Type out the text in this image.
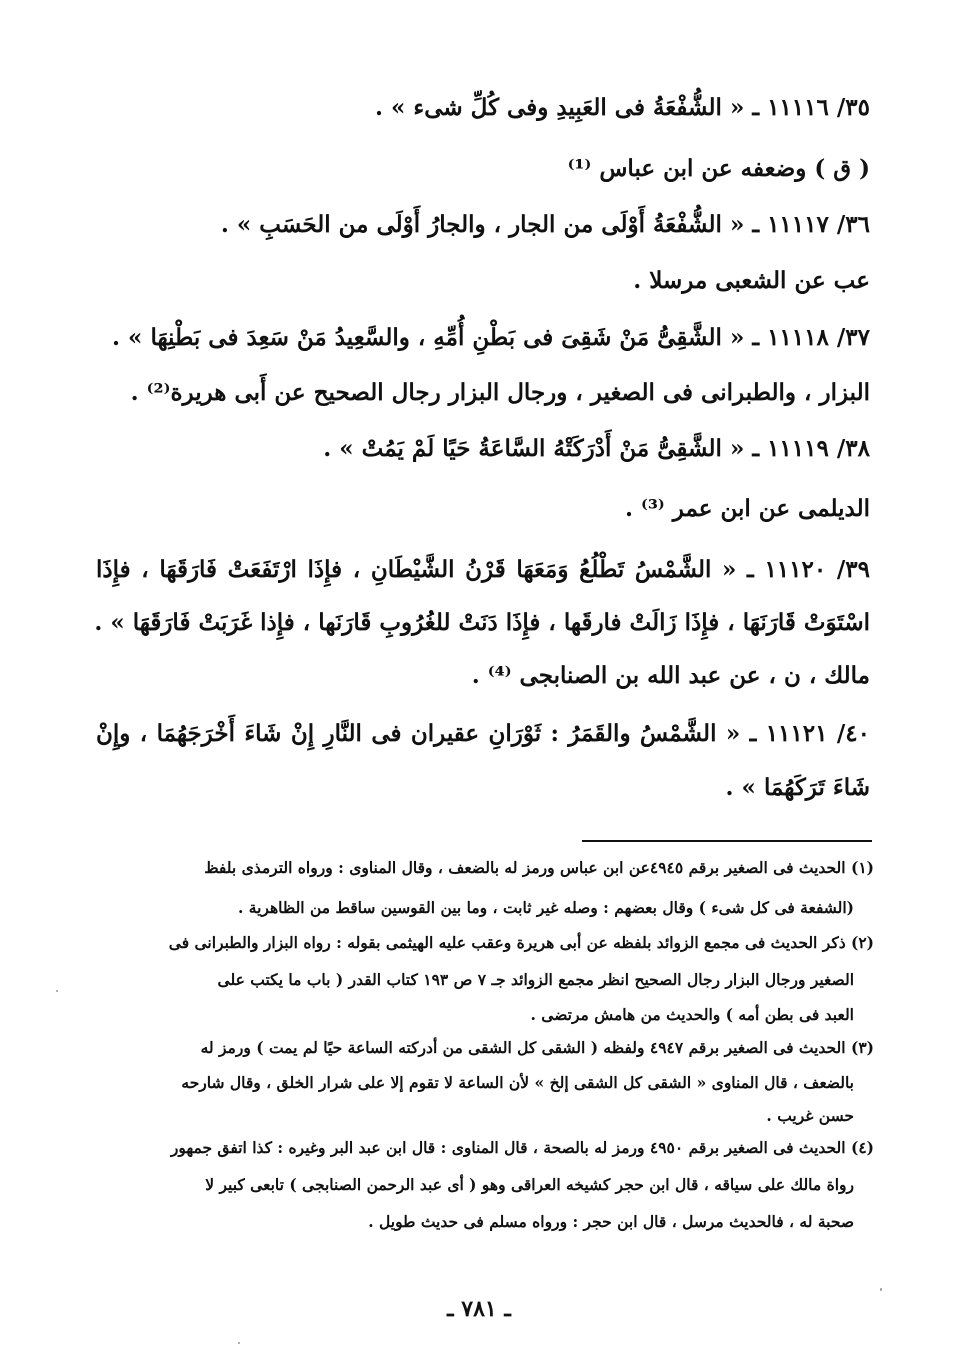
٣٥/ ١١١١٦ ـ « الشُّفْعَةُ فى العَبِيدِ وفى كُلِّ شىء » .
( ق ) وضعفه عن ابن عباس ⁽¹⁾
٣٦/ ١١١١٧ ـ « الشُّفْعَةُ أَوْلَى من الجار ، والجارُ أَوْلَى من الحَسَبِ » .
عب عن الشعبى مرسلا .
٣٧/ ١١١١٨ ـ « الشَّقِىُّ مَنْ شَقِىَ فى بَطْنِ أُمِّهِ ، والسَّعِيدُ مَنْ سَعِدَ فى بَطْنِهَا » .
البزار ، والطبرانى فى الصغير ، ورجال البزار رجال الصحيح عن أَبى هريرة⁽²⁾ .
٣٨/ ١١١١٩ ـ « الشَّقِىُّ مَنْ أَدْرَكَتْهُ السَّاعَةُ حَيًا لَمْ يَمُتْ » .
الديلمى عن ابن عمر ⁽³⁾ .
٣٩/ ١١١٢٠ ـ « الشَّمْسُ تَطْلُعُ وَمَعَهَا قَرْنُ الشَّيْطَانِ ، فإِذَا ارْتَفَعَتْ فَارَقَهَا ، فإِذَا
اسْتَوَتْ قَارَنَهَا ، فإِذَا زَالَتْ فارقَها ، فإِذَا دَنَتْ للغُرُوبِ قَارَنَها ، فإِذا غَرَبَتْ فَارَقَهَا » .
مالك ، ن ، عن عبد الله بن الصنابجى ⁽⁴⁾ .
٤٠/ ١١١٢١ ـ « الشَّمْسُ والقَمَرُ : ثَوْرَانِ عقيران فى النَّارِ إِنْ شَاءَ أَخْرَجَهُمَا ، وإِنْ
شَاءَ تَرَكَهُمَا » .
(١) الحديث فى الصغير برقم ٤٩٤٥عن ابن عباس ورمز له بالضعف ، وقال المناوى : ورواه الترمذى بلفظ
(الشفعة فى كل شىء ) وقال بعضهم : وصله غير ثابت ، وما بين القوسين ساقط من الظاهرية .
(٢) ذكر الحديث فى مجمع الزوائد بلفظه عن أبى هريرة وعقب عليه الهيثمى بقوله : رواه البزار والطبرانى فى
الصغير ورجال البزار رجال الصحيح انظر مجمع الزوائد جـ ٧ ص ١٩٣ كتاب القدر ( باب ما يكتب على
العبد فى بطن أمه ) والحديث من هامش مرتضى .
(٣) الحديث فى الصغير برقم ٤٩٤٧ ولفظه ( الشقى كل الشقى من أدركته الساعة حيًا لم يمت ) ورمز له
بالضعف ، قال المناوى « الشقى كل الشقى إلخ » لأن الساعة لا تقوم إلا على شرار الخلق ، وقال شارحه
حسن غريب .
(٤) الحديث فى الصغير برقم ٤٩٥٠ ورمز له بالصحة ، قال المناوى : قال ابن عبد البر وغيره : كذا اتفق جمهور
رواة مالك على سياقه ، قال ابن حجر كشيخه العراقى وهو ( أى عبد الرحمن الصنابجى ) تابعى كبير لا
صحبة له ، فالحديث مرسل ، قال ابن حجر : ورواه مسلم فى حديث طويل .
ـ ٧٨١ ـ
